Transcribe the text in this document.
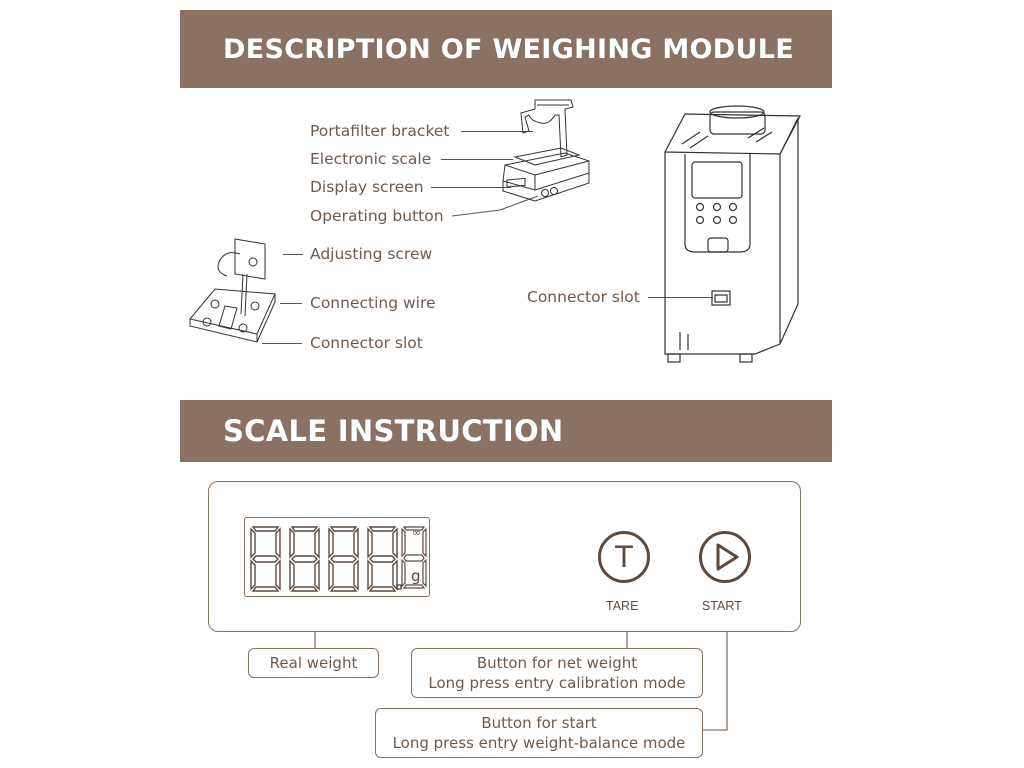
DESCRIPTION OF WEIGHING MODULE
Portafilter bracket
Electronic scale
Display screen
Operating button
Adjusting screw
Connecting wire
Connector slot
Connector slot
SCALE INSTRUCTION
∞
g
T
TARE	START
Real weight	Button for net weight
Long press entry calibration mode
Button for start
Long press entry weight-balance mode
